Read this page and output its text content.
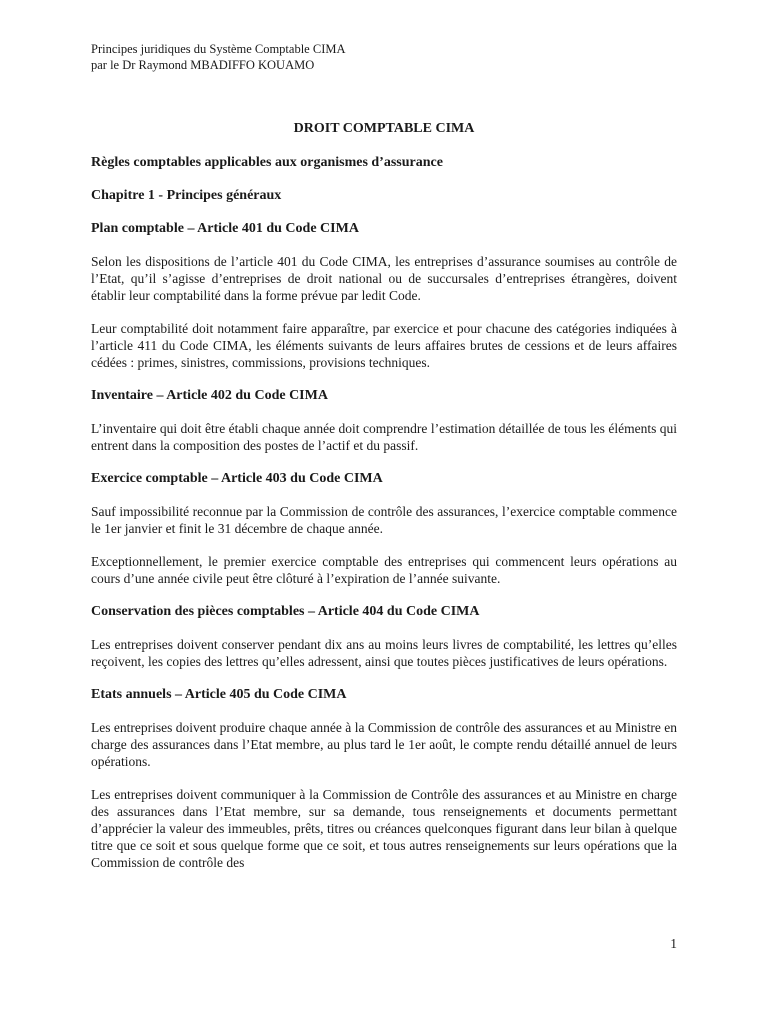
Principes juridiques du Système Comptable CIMA
par le Dr Raymond MBADIFFO KOUAMO
DROIT COMPTABLE CIMA
Règles comptables applicables aux organismes d’assurance
Chapitre 1 - Principes généraux
Plan comptable – Article 401 du Code CIMA
Selon les dispositions de l’article 401 du Code CIMA, les entreprises d’assurance soumises au contrôle de l’Etat, qu’il s’agisse d’entreprises de droit national ou de succursales d’entreprises étrangères, doivent établir leur comptabilité dans la forme prévue par ledit Code.
Leur comptabilité doit notamment faire apparaître, par exercice et pour chacune des catégories indiquées à l’article 411 du Code CIMA, les éléments suivants de leurs affaires brutes de cessions et de leurs affaires cédées : primes, sinistres, commissions, provisions techniques.
Inventaire – Article 402 du Code CIMA
L’inventaire qui doit être établi chaque année doit comprendre l’estimation détaillée de tous les éléments qui entrent dans la composition des postes de l’actif et du passif.
Exercice comptable – Article 403 du Code CIMA
Sauf impossibilité reconnue par la Commission de contrôle des assurances, l’exercice comptable commence le 1er janvier et finit le 31 décembre de chaque année.
Exceptionnellement, le premier exercice comptable des entreprises qui commencent leurs opérations au cours d’une année civile peut être clôturé à l’expiration de l’année suivante.
Conservation des pièces comptables – Article 404 du Code CIMA
Les entreprises doivent conserver pendant dix ans au moins leurs livres de comptabilité, les lettres qu’elles reçoivent, les copies des lettres qu’elles adressent, ainsi que toutes pièces justificatives de leurs opérations.
Etats annuels – Article 405 du Code CIMA
Les entreprises doivent produire chaque année à la Commission de contrôle des assurances et au Ministre en charge des assurances dans l’Etat membre, au plus tard le 1er août, le compte rendu détaillé annuel de leurs opérations.
Les entreprises doivent communiquer à la Commission de Contrôle des assurances et au Ministre en charge des assurances dans l’Etat membre, sur sa demande, tous renseignements et documents permettant d’apprécier la valeur des immeubles, prêts, titres ou créances quelconques figurant dans leur bilan à quelque titre que ce soit et sous quelque forme que ce soit, et tous autres renseignements sur leurs opérations que la Commission de contrôle des
1
